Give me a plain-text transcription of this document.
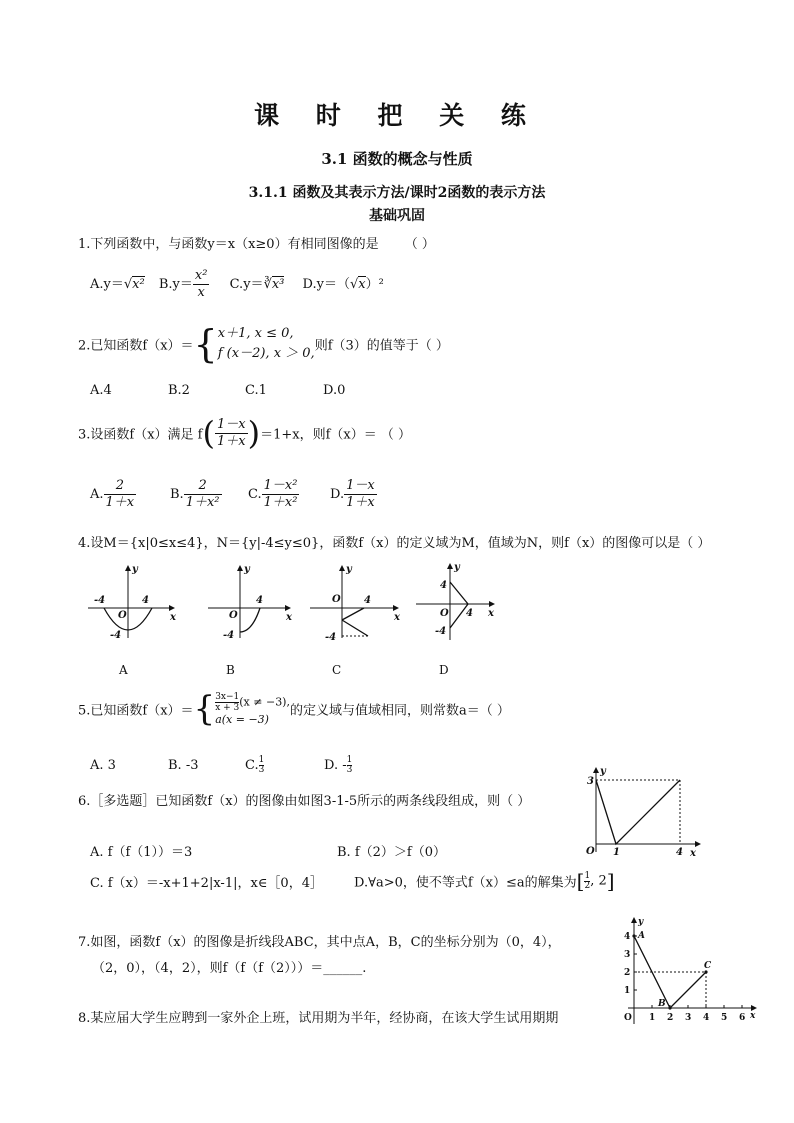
课 时 把 关 练
3.1 函数的概念与性质
3.1.1 函数及其表示方法/课时2函数的表示方法
基础巩固
1.下列函数中，与函数y＝x（x≥0）有相同图像的是 （ ）
A.y＝√x² $B.y= \frac{\text{x²}}{x}$ C.y＝∛x³ D.y＝（√x）²
2.已知函数f（x）＝{ x＋1, x ≤ 0,
f (x－2), x ＞ 0, 则f（3）的值等于（ ）
A.4	B.2	C.1	D.0
3.设函数f（x）满足 $f( \frac{1-x}{1+x} )=1+x$，则f（x）＝ （ ）
A. $\frac{2}{1+x}$	B. $\frac{2}{\text{1＋x²}} C$. $\frac{\text{1－x²}}{\text{1＋x²}} D$. $\frac{1-x}{1+x}$
4.设M＝{x|0≤x≤4}，N＝{y|-4≤y≤0}，函数f（x）的定义域为M，值域为N，则f（x）的图像可以是（ ）
y
x
O
4
-4
-4
y
x
O
4
-4
y
x
O 4
-4
y
x
O
4
4
-4
A	B	C	D
5.已知函数$f(x)=\{ \frac{3x-1}{x + 3} (x \ne -3)$,
a(x = −3)
的定义域与值域相同，则常数a＝（ ）
A. 3	B. -3	C. $\frac{1}{3}$	D. - $\frac{1}{3}$
6.［多选题］已知函数f（x）的图像由如图3-1-5所示的两条线段组成，则（ ）
y
x
O
3
1	4
A. f（f（1））＝3	B. f（2）＞f（0）
C. f（x）＝-x+1+2|x-1|，x∈［0，4］ D.∀a>0，使不等式f（x）≤a的解集为[ $\frac{1}{2}$ , 2]
7.如图，函数f（x）的图像是折线段ABC，其中点A，B，C的坐标分别为（0，4），
（2，0），（4，2），则f（f（f（2）））＝______.
y
x
O
A
B
C
1 2 3 4 5 6
1
2
3
4
8.某应届大学生应聘到一家外企上班，试用期为半年，经协商，在该大学生试用期期
